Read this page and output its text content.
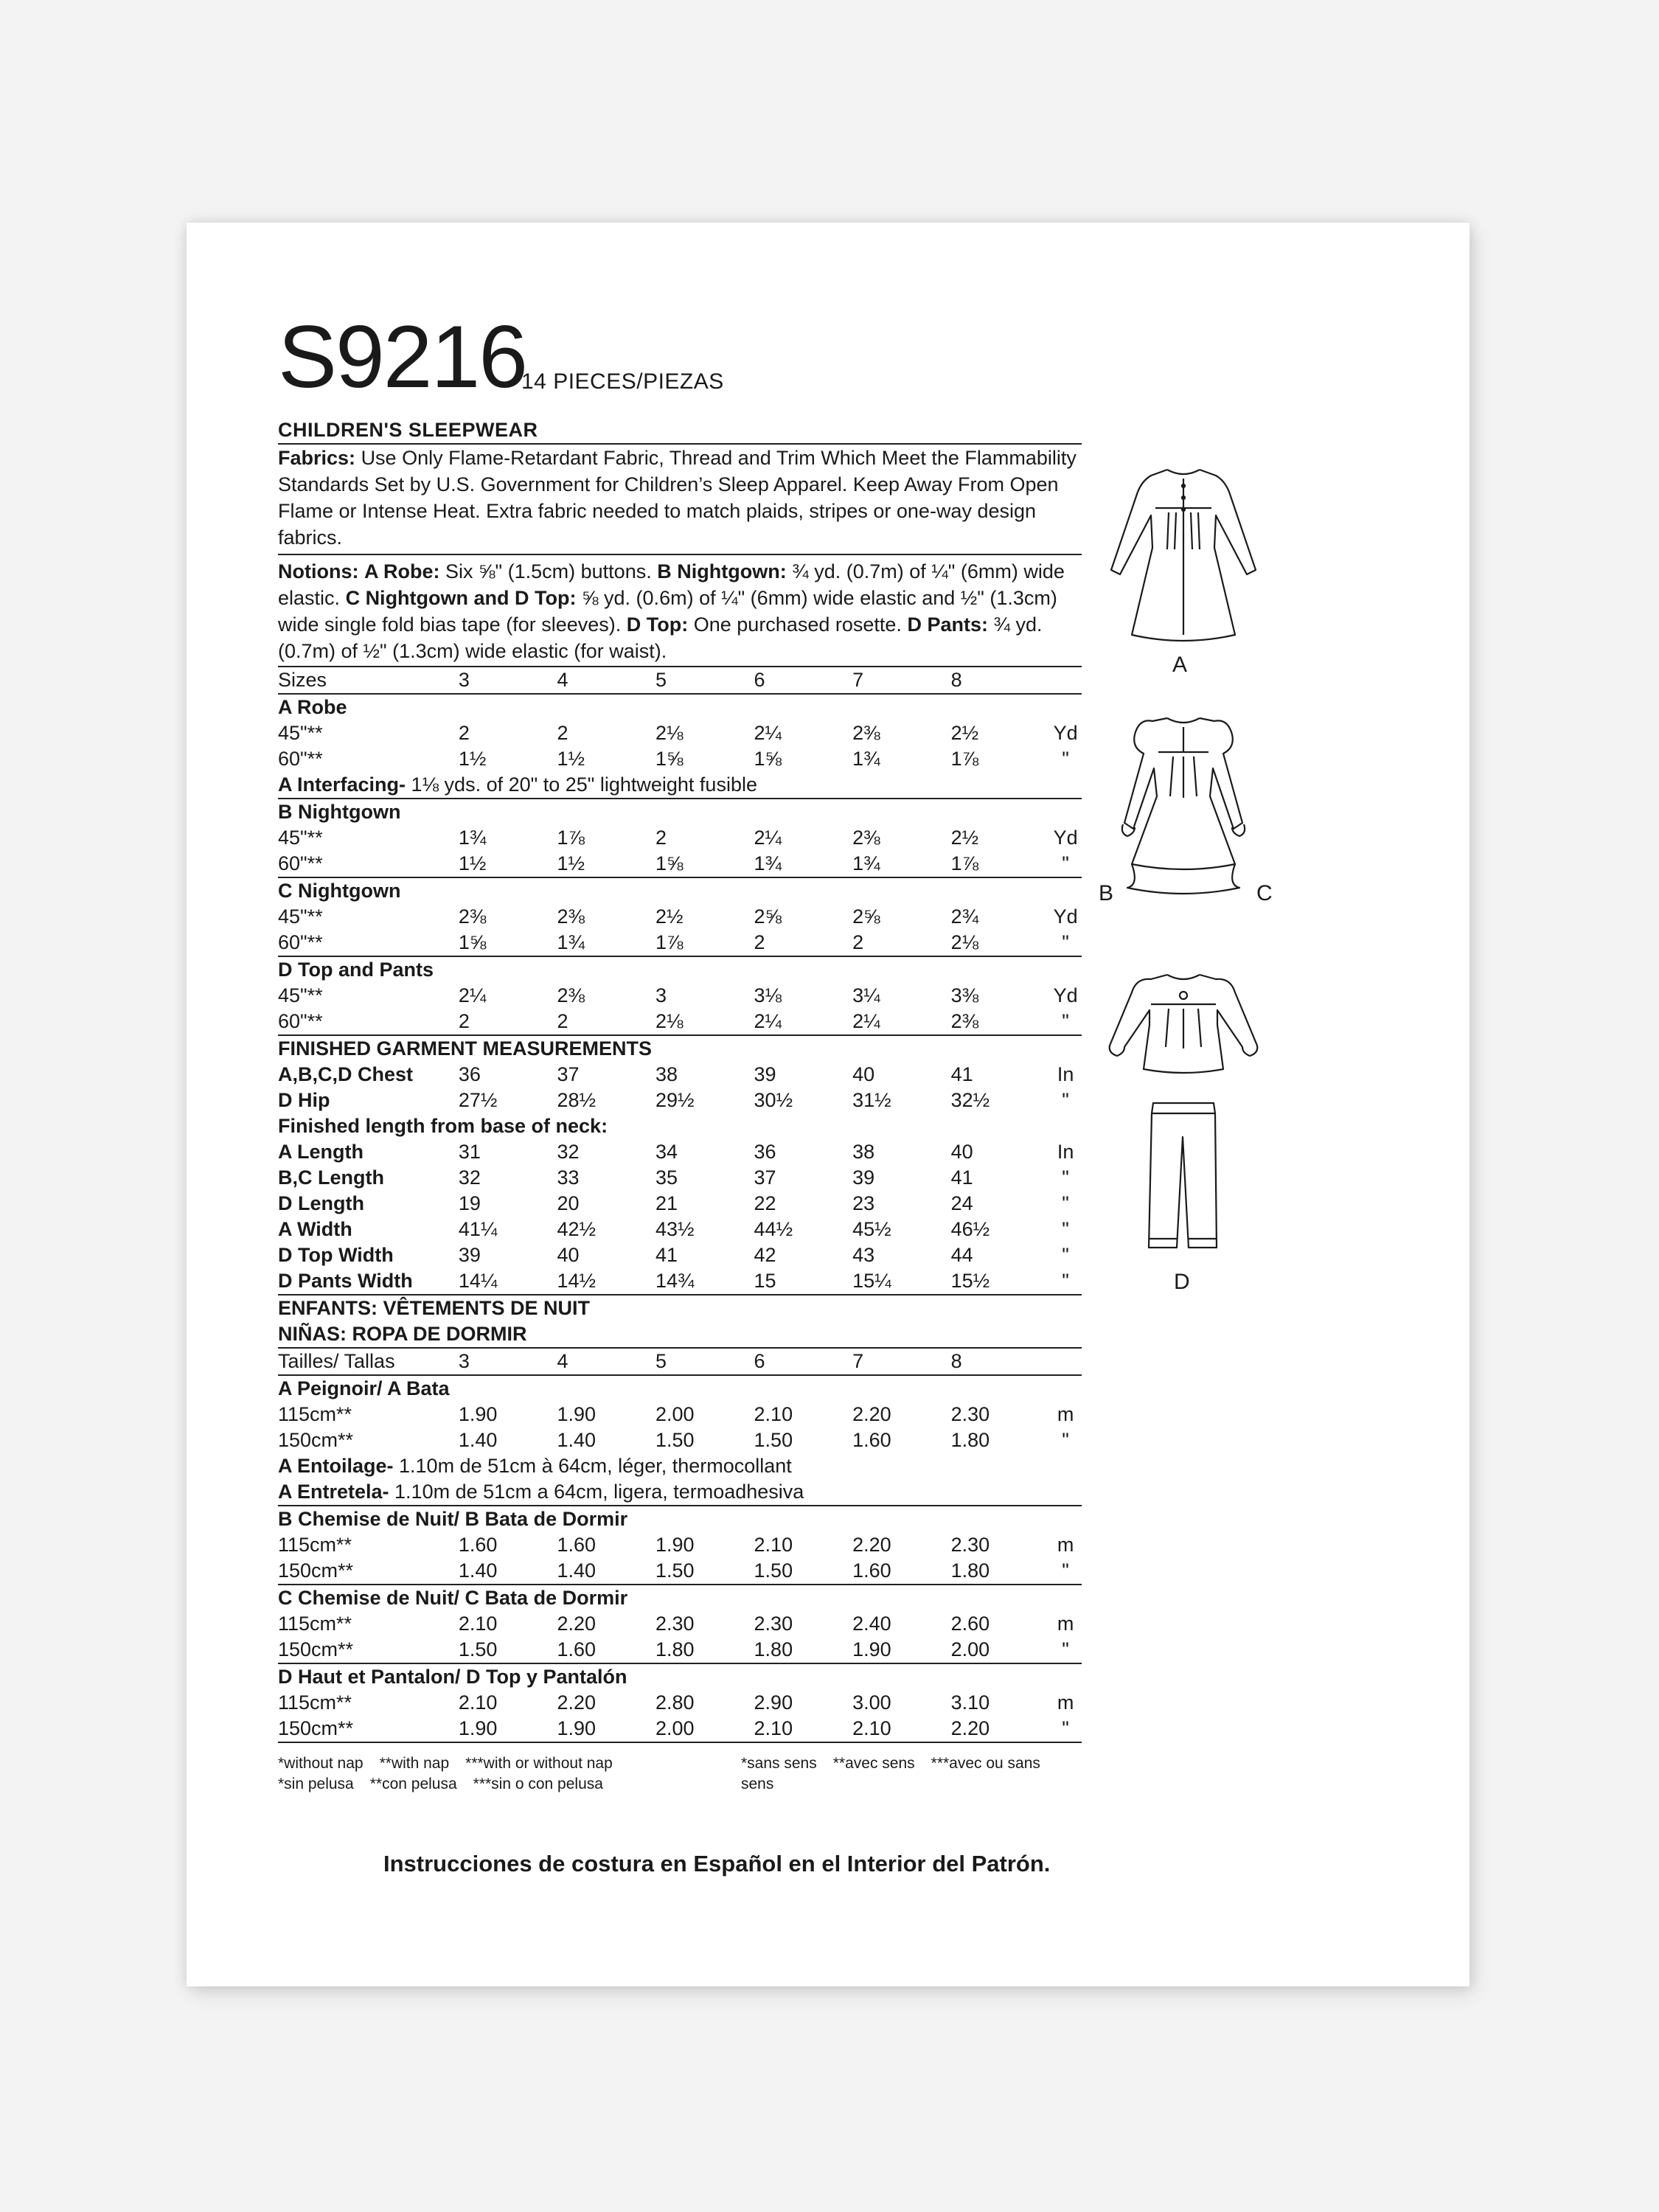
S9216
14 PIECES/PIEZAS
CHILDREN'S SLEEPWEAR
Fabrics: Use Only Flame-Retardant Fabric, Thread and Trim Which Meet the Flammability Standards Set by U.S. Government for Children’s Sleep Apparel. Keep Away From Open Flame or Intense Heat. Extra fabric needed to match plaids, stripes or one-way design fabrics.
Notions: A Robe: Six ⅝" (1.5cm) buttons. B Nightgown: ¾ yd. (0.7m) of ¼" (6mm) wide elastic. C Nightgown and D Top: ⅝ yd. (0.6m) of ¼" (6mm) wide elastic and ½" (1.3cm) wide single fold bias tape (for sleeves). D Top: One purchased rosette. D Pants: ¾ yd. (0.7m) of ½" (1.3cm) wide elastic (for waist).
Sizes	3	4	5	6	7	8	
A Robe							
45"**	2	2	2⅛	2¼	2⅜	2½	Yd
60"**	1½	1½	1⅝	1⅝	1¾	1⅞	"
A Interfacing- 1⅛ yds. of 20" to 25" lightweight fusible							
B Nightgown							
45"**	1¾	1⅞	2	2¼	2⅜	2½	Yd
60"**	1½	1½	1⅝	1¾	1¾	1⅞	"
C Nightgown							
45"**	2⅜	2⅜	2½	2⅝	2⅝	2¾	Yd
60"**	1⅝	1¾	1⅞	2	2	2⅛	"
D Top and Pants							
45"**	2¼	2⅜	3	3⅛	3¼	3⅜	Yd
60"**	2	2	2⅛	2¼	2¼	2⅜	"
FINISHED GARMENT MEASUREMENTS							
A,B,C,D Chest	36	37	38	39	40	41	In
D Hip	27½	28½	29½	30½	31½	32½	"
Finished length from base of neck:							
A Length	31	32	34	36	38	40	In
B,C Length	32	33	35	37	39	41	"
D Length	19	20	21	22	23	24	"
A Width	41¼	42½	43½	44½	45½	46½	"
D Top Width	39	40	41	42	43	44	"
D Pants Width	14¼	14½	14¾	15	15¼	15½	"
ENFANTS: VÊTEMENTS DE NUIT							
NIÑAS: ROPA DE DORMIR							
Tailles/ Tallas	3	4	5	6	7	8	
A Peignoir/ A Bata							
115cm**	1.90	1.90	2.00	2.10	2.20	2.30	m
150cm**	1.40	1.40	1.50	1.50	1.60	1.80	"
A Entoilage- 1.10m de 51cm à 64cm, léger, thermocollant							
A Entretela- 1.10m de 51cm a 64cm, ligera, termoadhesiva							
B Chemise de Nuit/ B Bata de Dormir							
115cm**	1.60	1.60	1.90	2.10	2.20	2.30	m
150cm**	1.40	1.40	1.50	1.50	1.60	1.80	"
C Chemise de Nuit/ C Bata de Dormir							
115cm**	2.10	2.20	2.30	2.30	2.40	2.60	m
150cm**	1.50	1.60	1.80	1.80	1.90	2.00	"
D Haut et Pantalon/ D Top y Pantalón							
115cm**	2.10	2.20	2.80	2.90	3.00	3.10	m
150cm**	1.90	1.90	2.00	2.10	2.10	2.20	"

*without nap **with nap ***with or without nap
*sin pelusa **con pelusa ***sin o con pelusa
*sans sens **avec sens ***avec ou sans sens
Instrucciones de costura en Español en el Interior del Patrón.
A
B	C
D
